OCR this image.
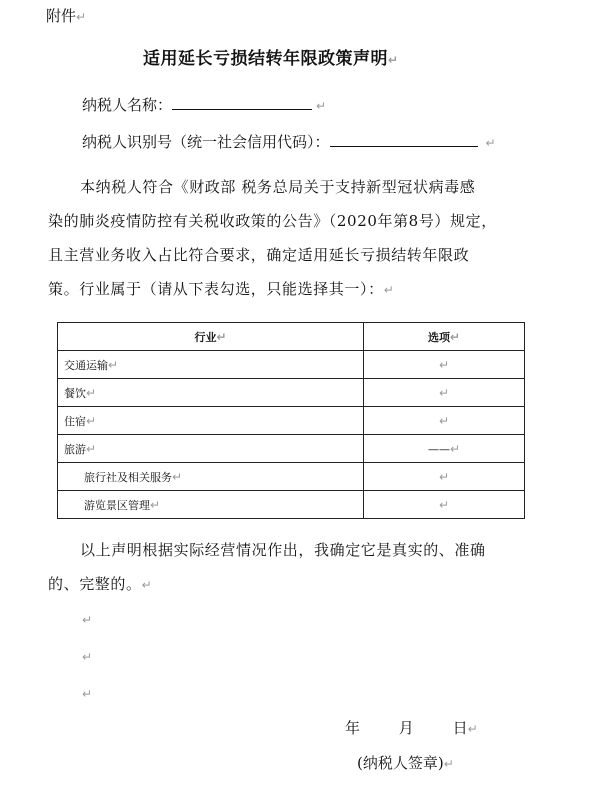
附件↵
适用延长亏损结转年限政策声明↵
纳税人名称：	↵
纳税人识别号（统一社会信用代码）：	↵
本纳税人符合《财政部 税务总局关于支持新型冠状病毒感
染的肺炎疫情防控有关税收政策的公告》（2020年第8号）规定，
且主营业务收入占比符合要求，确定适用延长亏损结转年限政
策。行业属于（请从下表勾选，只能选择其一）：↵
行业↵	选项↵
交通运输↵	↵
餐饮↵	↵
住宿↵	↵
旅游↵	——↵
旅行社及相关服务↵	↵
游览景区管理↵	↵
以上声明根据实际经营情况作出，我确定它是真实的、准确
的、完整的。↵
↵
↵
↵
年	月	日↵
(纳税人签章)↵
